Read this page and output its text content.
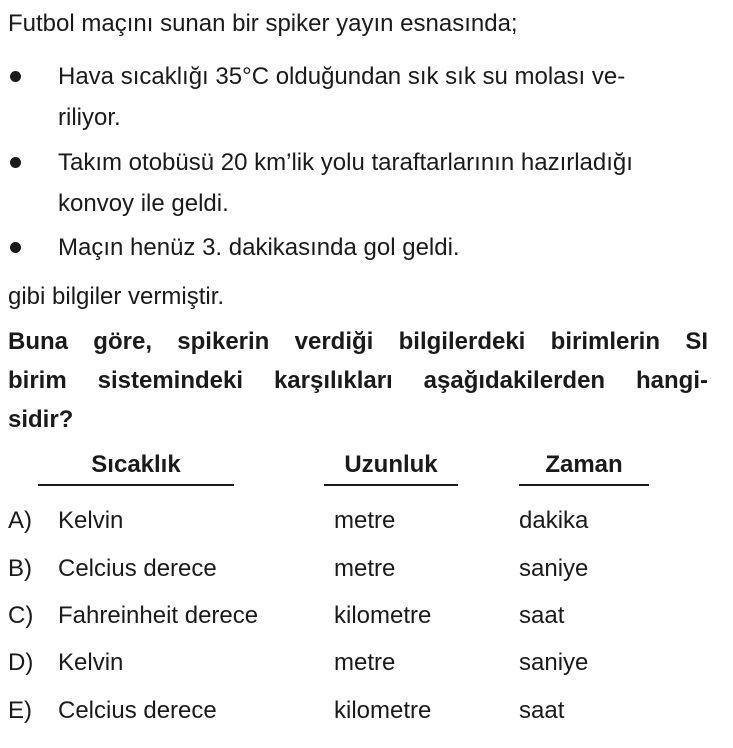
Futbol maçını sunan bir spiker yayın esnasında;
Hava sıcaklığı 35°C olduğundan sık sık su molası ve-
riliyor.
Takım otobüsü 20 km’lik yolu taraftarlarının hazırladığı
konvoy ile geldi.
Maçın henüz 3. dakikasında gol geldi.
gibi bilgiler vermiştir.
Buna göre, spikerin verdiği bilgilerdeki birimlerin SI
birim sistemindeki karşılıkları aşağıdakilerden hangi-
sidir?
Sıcaklık	Uzunluk	Zaman
A) Kelvin	metre	dakika
B) Celcius derece	metre	saniye
C) Fahreinheit derece	kilometre	saat
D) Kelvin	metre	saniye
E) Celcius derece	kilometre	saat
